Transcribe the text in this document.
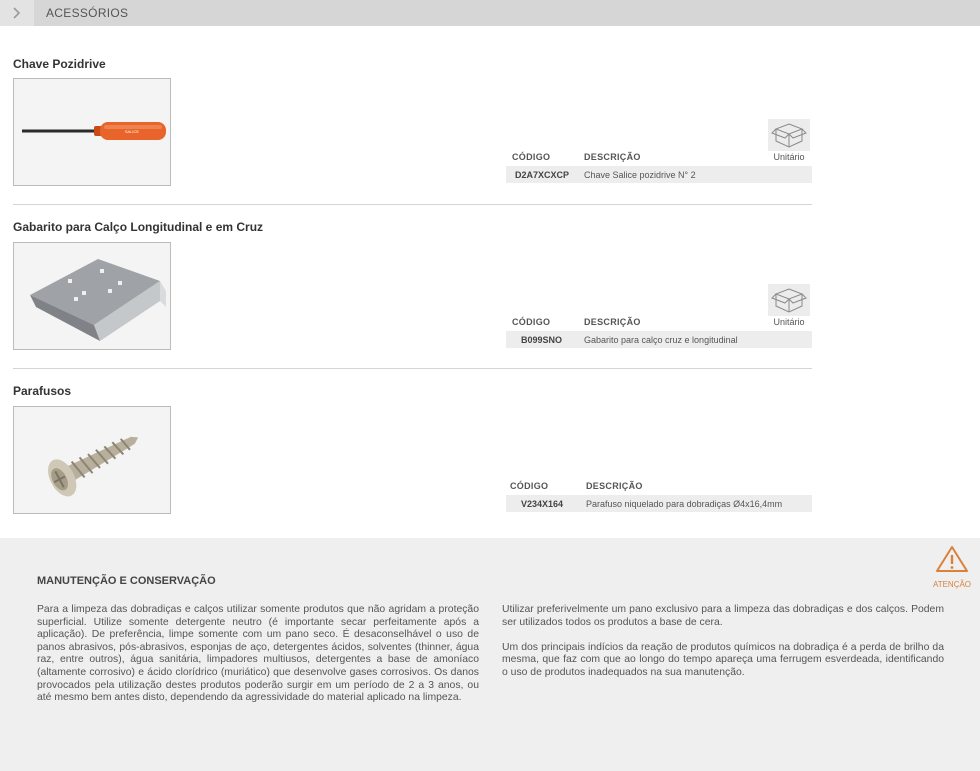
ACESSÓRIOS
Chave Pozidrive
SALICE
Unitário
CÓDIGO	DESCRIÇÃO
D2A7XCXCP Chave Salice pozidrive N° 2
Gabarito para Calço Longitudinal e em Cruz
Unitário
CÓDIGO	DESCRIÇÃO
B099SNO Gabarito para calço cruz e longitudinal
Parafusos
CÓDIGO	DESCRIÇÃO
V234X164	Parafuso niquelado para dobradiças Ø4x16,4mm
ATENÇÃO
MANUTENÇÃO E CONSERVAÇÃO

Para a limpeza das dobradiças e calços utilizar somente produtos que não agridam a proteção superficial. Utilize somente detergente neutro (é importante secar perfeitamente após a aplicação). De preferência, limpe somente com um pano seco. É desaconselhável o uso de panos abrasivos, pós-abrasivos, esponjas de aço, detergentes ácidos, solventes (thinner, água raz, entre outros), água sanitária, limpadores multiusos, detergentes a base de amoníaco (altamente corrosivo) e ácido clorídrico (muriático) que desenvolve gases corrosivos. Os danos provocados pela utilização destes produtos poderão surgir em um período de 2 a 3 anos, ou até mesmo bem antes disto, dependendo da agressividade do material aplicado na limpeza.

Utilizar preferivelmente um pano exclusivo para a limpeza das dobradiças e dos calços. Podem ser utilizados todos os produtos a base de cera.

Um dos principais indícios da reação de produtos químicos na dobradiça é a perda de brilho da mesma, que faz com que ao longo do tempo apareça uma ferrugem esverdeada, identificando o uso de produtos inadequados na sua manutenção.
